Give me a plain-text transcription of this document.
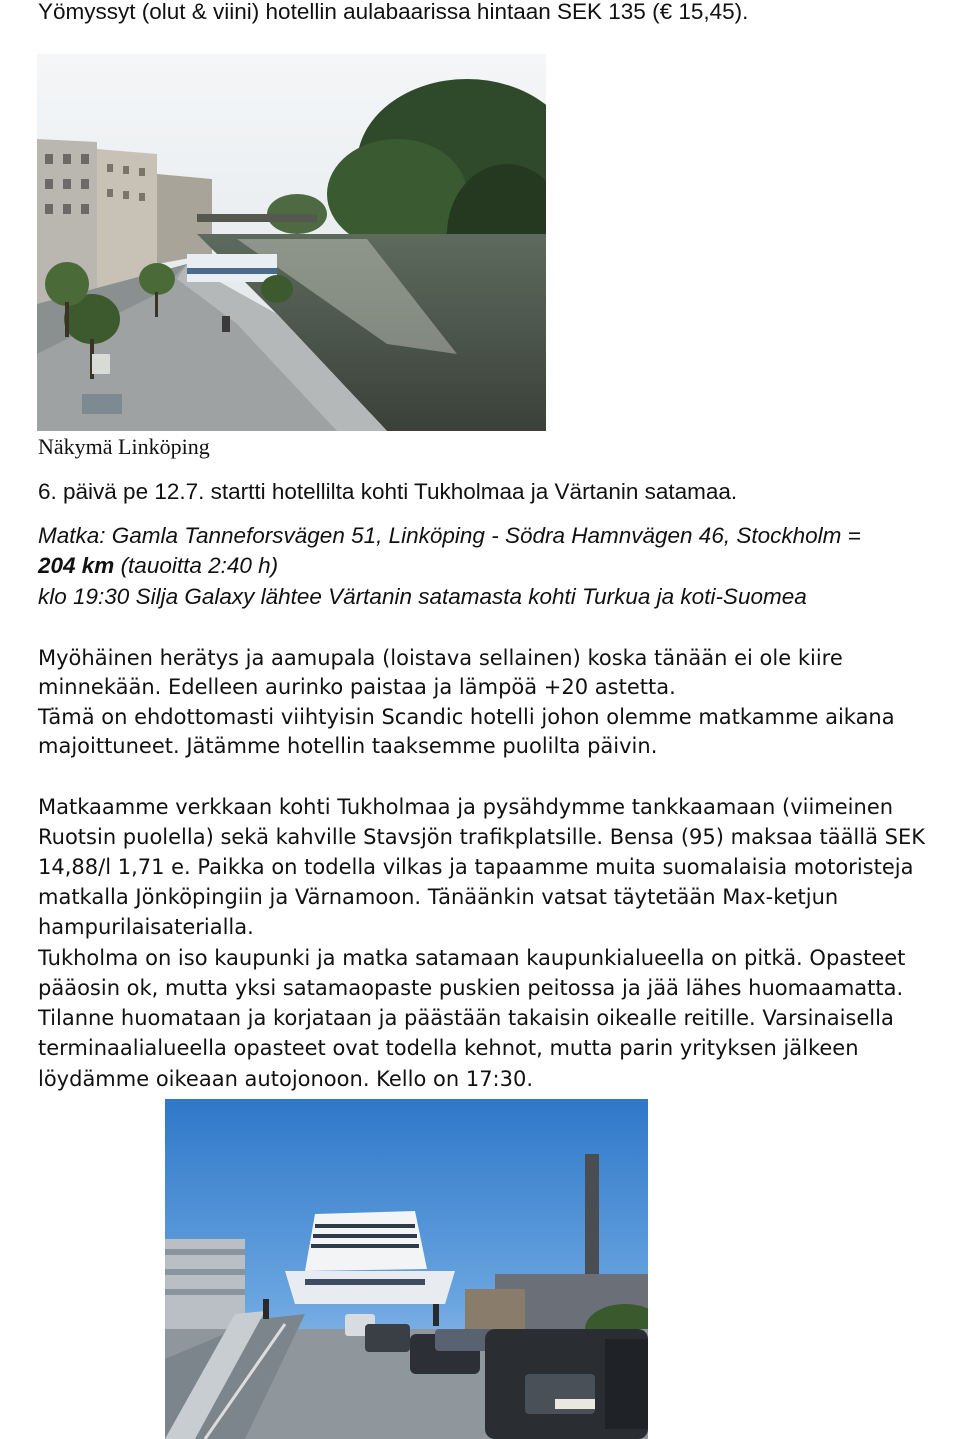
Yömyssyt (olut & viini) hotellin aulabaarissa hintaan SEK 135 (€ 15,45).
Näkymä Linköping
6. päivä pe 12.7. startti hotellilta kohti Tukholmaa ja Värtanin satamaa.
Matka: Gamla Tanneforsvägen 51, Linköping - Södra Hamnvägen 46, Stockholm =
204 km (tauoitta 2:40 h)
klo 19:30 Silja Galaxy lähtee Värtanin satamasta kohti Turkua ja koti-Suomea
Myöhäinen herätys ja aamupala (loistava sellainen) koska tänään ei ole kiire
minnekään. Edelleen aurinko paistaa ja lämpöä +20 astetta.
Tämä on ehdottomasti viihtyisin Scandic hotelli johon olemme matkamme aikana
majoittuneet. Jätämme hotellin taaksemme puolilta päivin.
Matkaamme verkkaan kohti Tukholmaa ja pysähdymme tankkaamaan (viimeinen
Ruotsin puolella) sekä kahville Stavsjön trafikplatsille. Bensa (95) maksaa täällä SEK
14,88/l 1,71 e. Paikka on todella vilkas ja tapaamme muita suomalaisia motoristeja
matkalla Jönköpingiin ja Värnamoon. Tänäänkin vatsat täytetään Max-ketjun
hampurilaisaterialla.
Tukholma on iso kaupunki ja matka satamaan kaupunkialueella on pitkä. Opasteet
pääosin ok, mutta yksi satamaopaste puskien peitossa ja jää lähes huomaamatta.
Tilanne huomataan ja korjataan ja päästään takaisin oikealle reitille. Varsinaisella
terminaalialueella opasteet ovat todella kehnot, mutta parin yrityksen jälkeen
löydämme oikeaan autojonoon. Kello on 17:30.
